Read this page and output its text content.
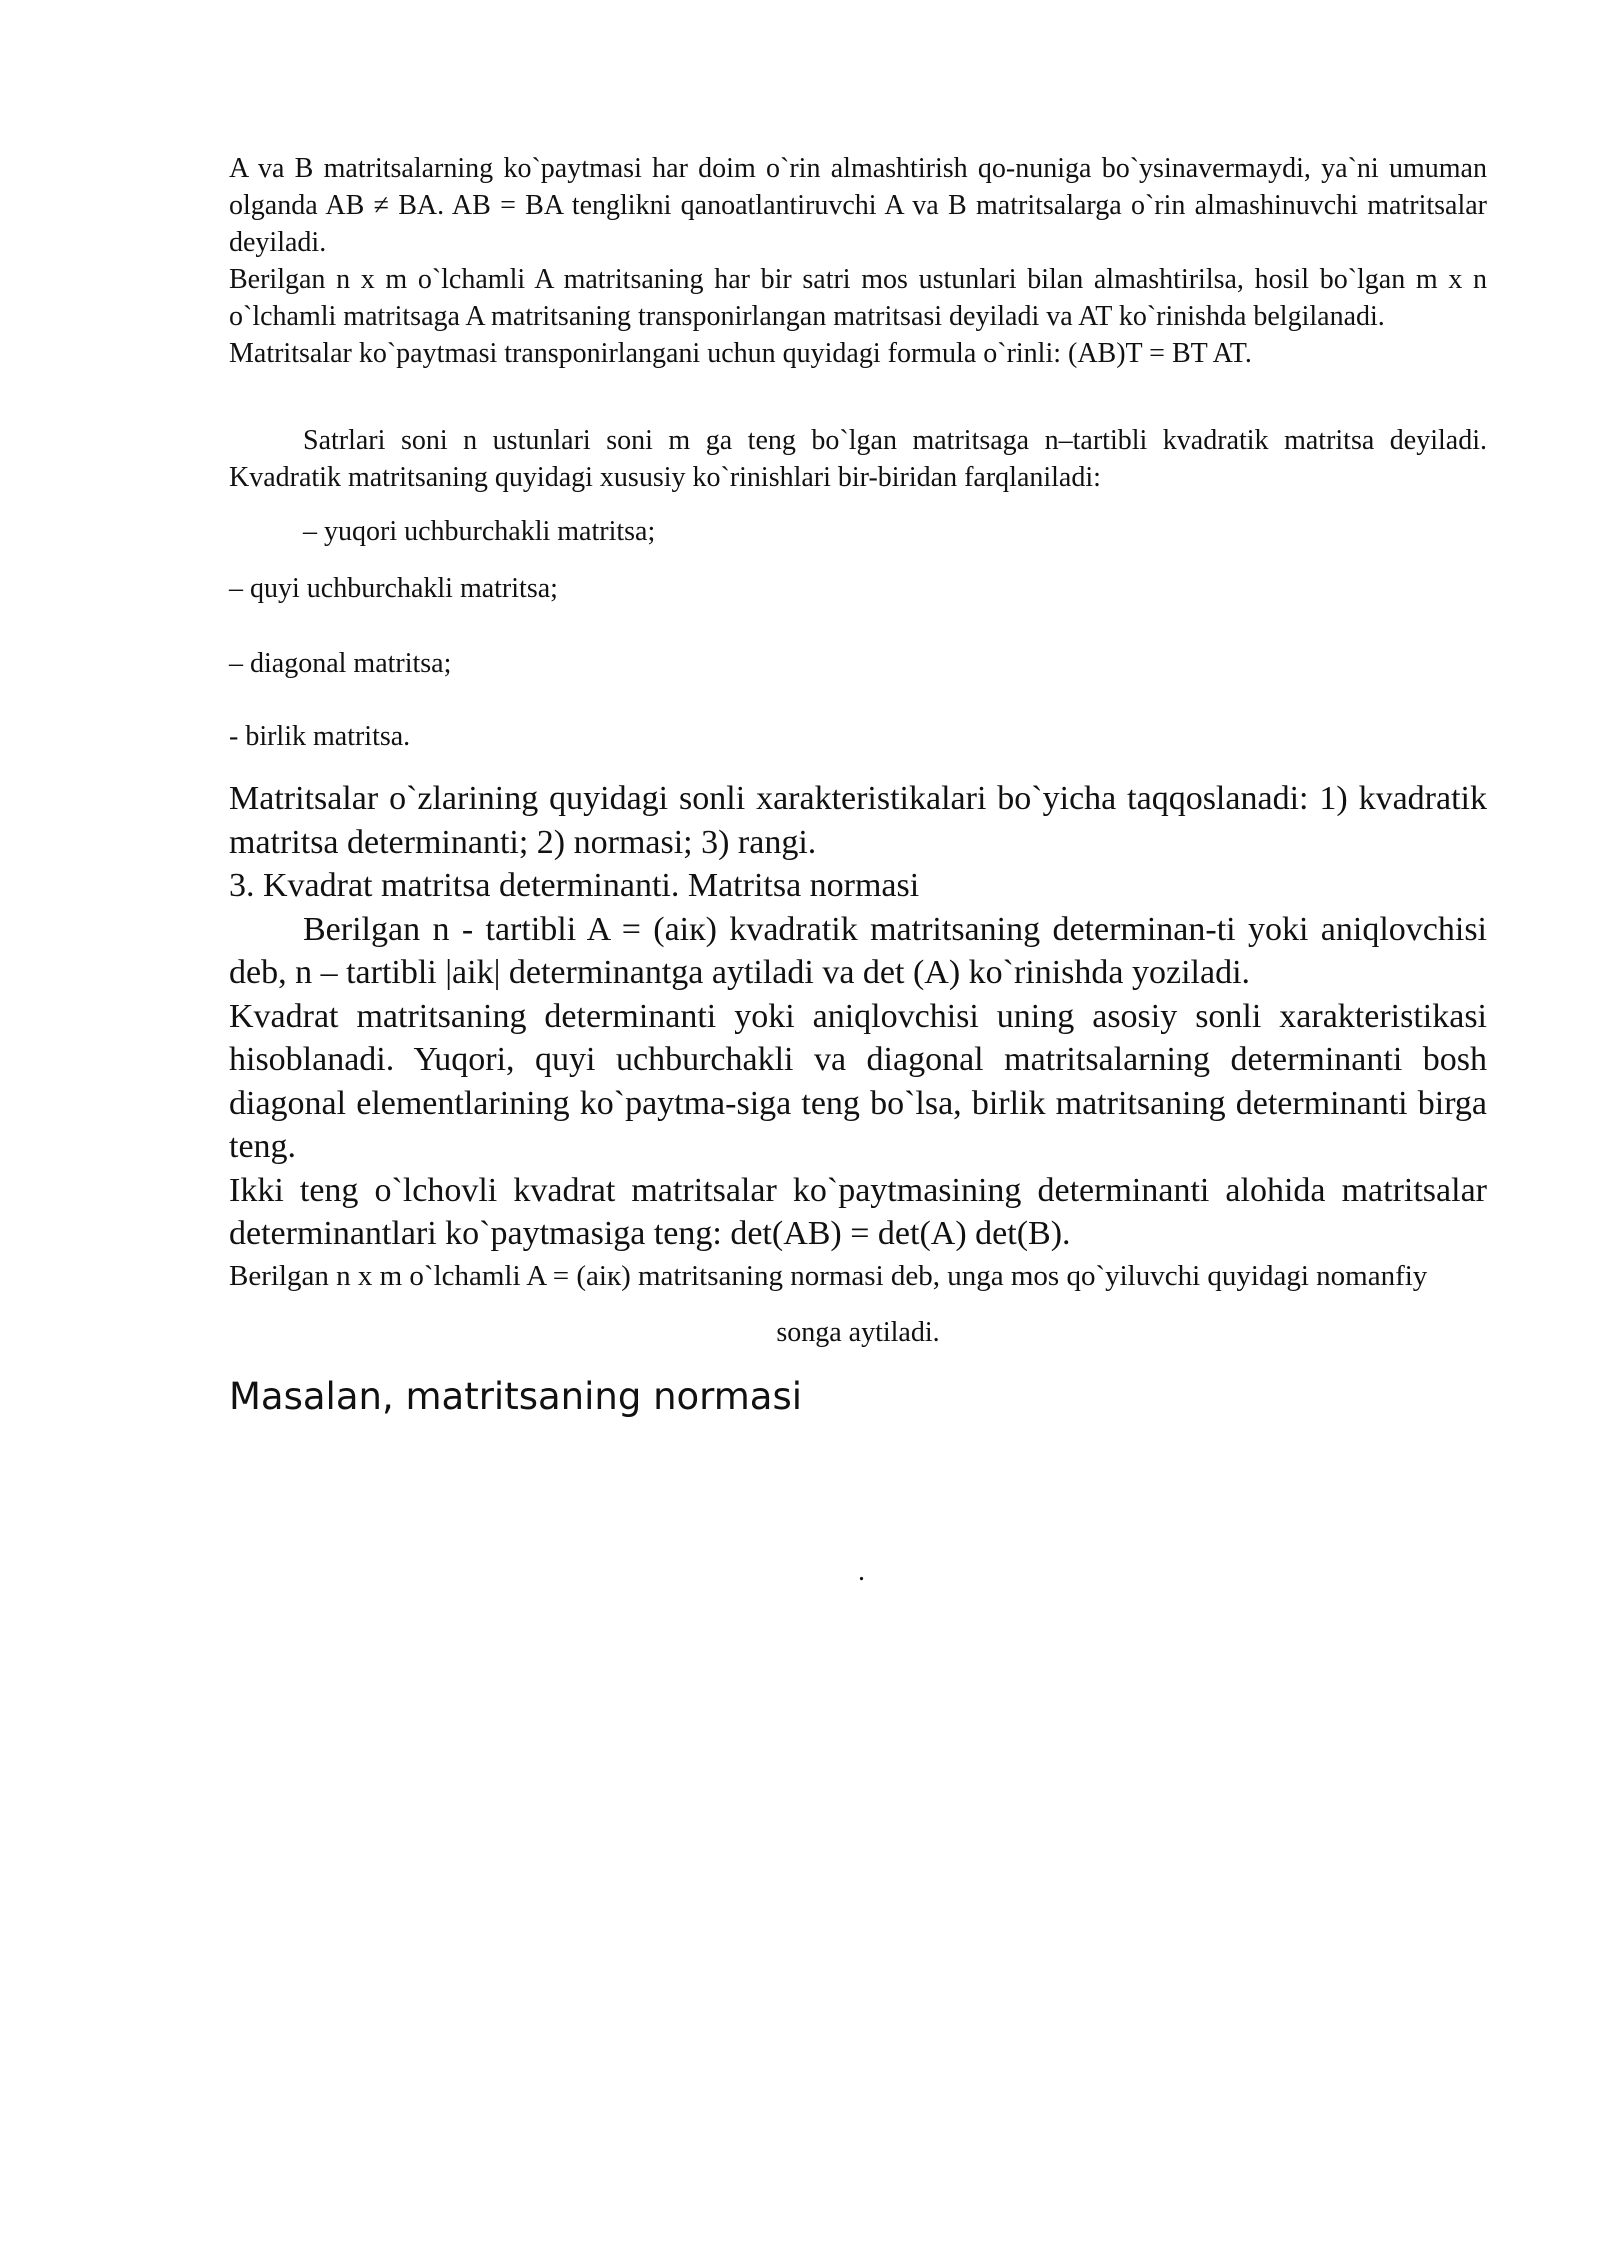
A va B matritsalarning ko`paytmasi har doim o`rin almashtirish qo-nuniga bo`ysinavermaydi, ya`ni umuman olganda AB ≠ BA. AB = BA tenglikni qanoatlantiruvchi A va B matritsalarga o`rin almashinuvchi matritsalar deyiladi.

Berilgan n x m o`lchamli A matritsaning har bir satri mos ustunlari bilan almashtirilsa, hosil bo`lgan m x n o`lchamli matritsaga A matritsaning transponirlangan matritsasi deyiladi va AT ko`rinishda belgilanadi.

Matritsalar ko`paytmasi transponirlangani uchun quyidagi formula o`rinli: (AB)T = BT AT.

Satrlari soni n ustunlari soni m ga teng bo`lgan matritsaga n–tartibli kvadratik matritsa deyiladi. Kvadratik matritsaning quyidagi xususiy ko`rinishlari bir-biridan farqlaniladi:

– yuqori uchburchakli matritsa;

– quyi uchburchakli matritsa;

– diagonal matritsa;

- birlik matritsa.

Matritsalar o`zlarining quyidagi sonli xarakteristikalari bo`yicha taqqoslanadi: 1) kvadratik matritsa determinanti; 2) normasi; 3) rangi.

3. Kvadrat matritsa determinanti. Matritsa normasi

Berilgan n - tartibli A = (aiк) kvadratik matritsaning determinan-ti yoki aniqlovchisi deb, n – tartibli |aik| determinantga aytiladi va det (A) ko`rinishda yoziladi.

Kvadrat matritsaning determinanti yoki aniqlovchisi uning asosiy sonli xarakteristikasi hisoblanadi. Yuqori, quyi uchburchakli va diagonal matritsalarning determinanti bosh diagonal elementlarining ko`paytma-siga teng bo`lsa, birlik matritsaning determinanti birga teng.

Ikki teng o`lchovli kvadrat matritsalar ko`paytmasining determinanti alohida matritsalar determinantlari ko`paytmasiga teng: det(AB) = det(A) det(B).

Berilgan n x m o`lchamli A = (aiк) matritsaning normasi deb, unga mos qo`yiluvchi quyidagi nomanfiy

songa aytiladi.

Masalan, matritsaning normasi

.
